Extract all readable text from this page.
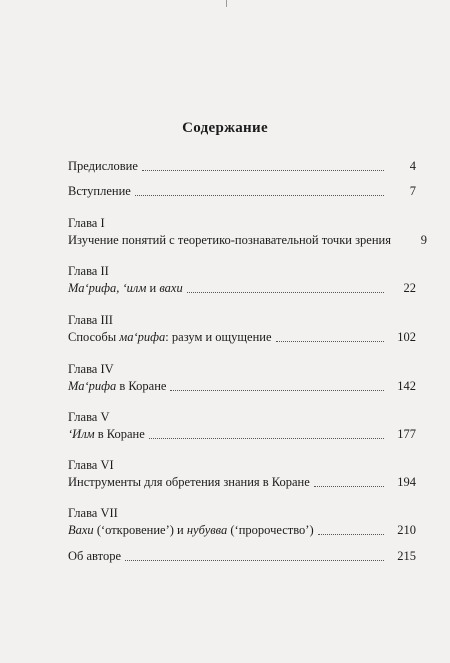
Содержание
Предисловие	4
Вступление	7
Глава I
Изучение понятий с теоретико-познавательной точки зрения	9
Глава II
Ма‘рифа, ‘илм и вахи	22
Глава III
Способы ма‘рифа: разум и ощущение	102
Глава IV
Ма‘рифа в Коране	142
Глава V
‘Илм в Коране	177
Глава VI
Инструменты для обретения знания в Коране	194
Глава VII
Вахи (‘откровение’) и нубувва (‘пророчество’)	210
Об авторе	215
